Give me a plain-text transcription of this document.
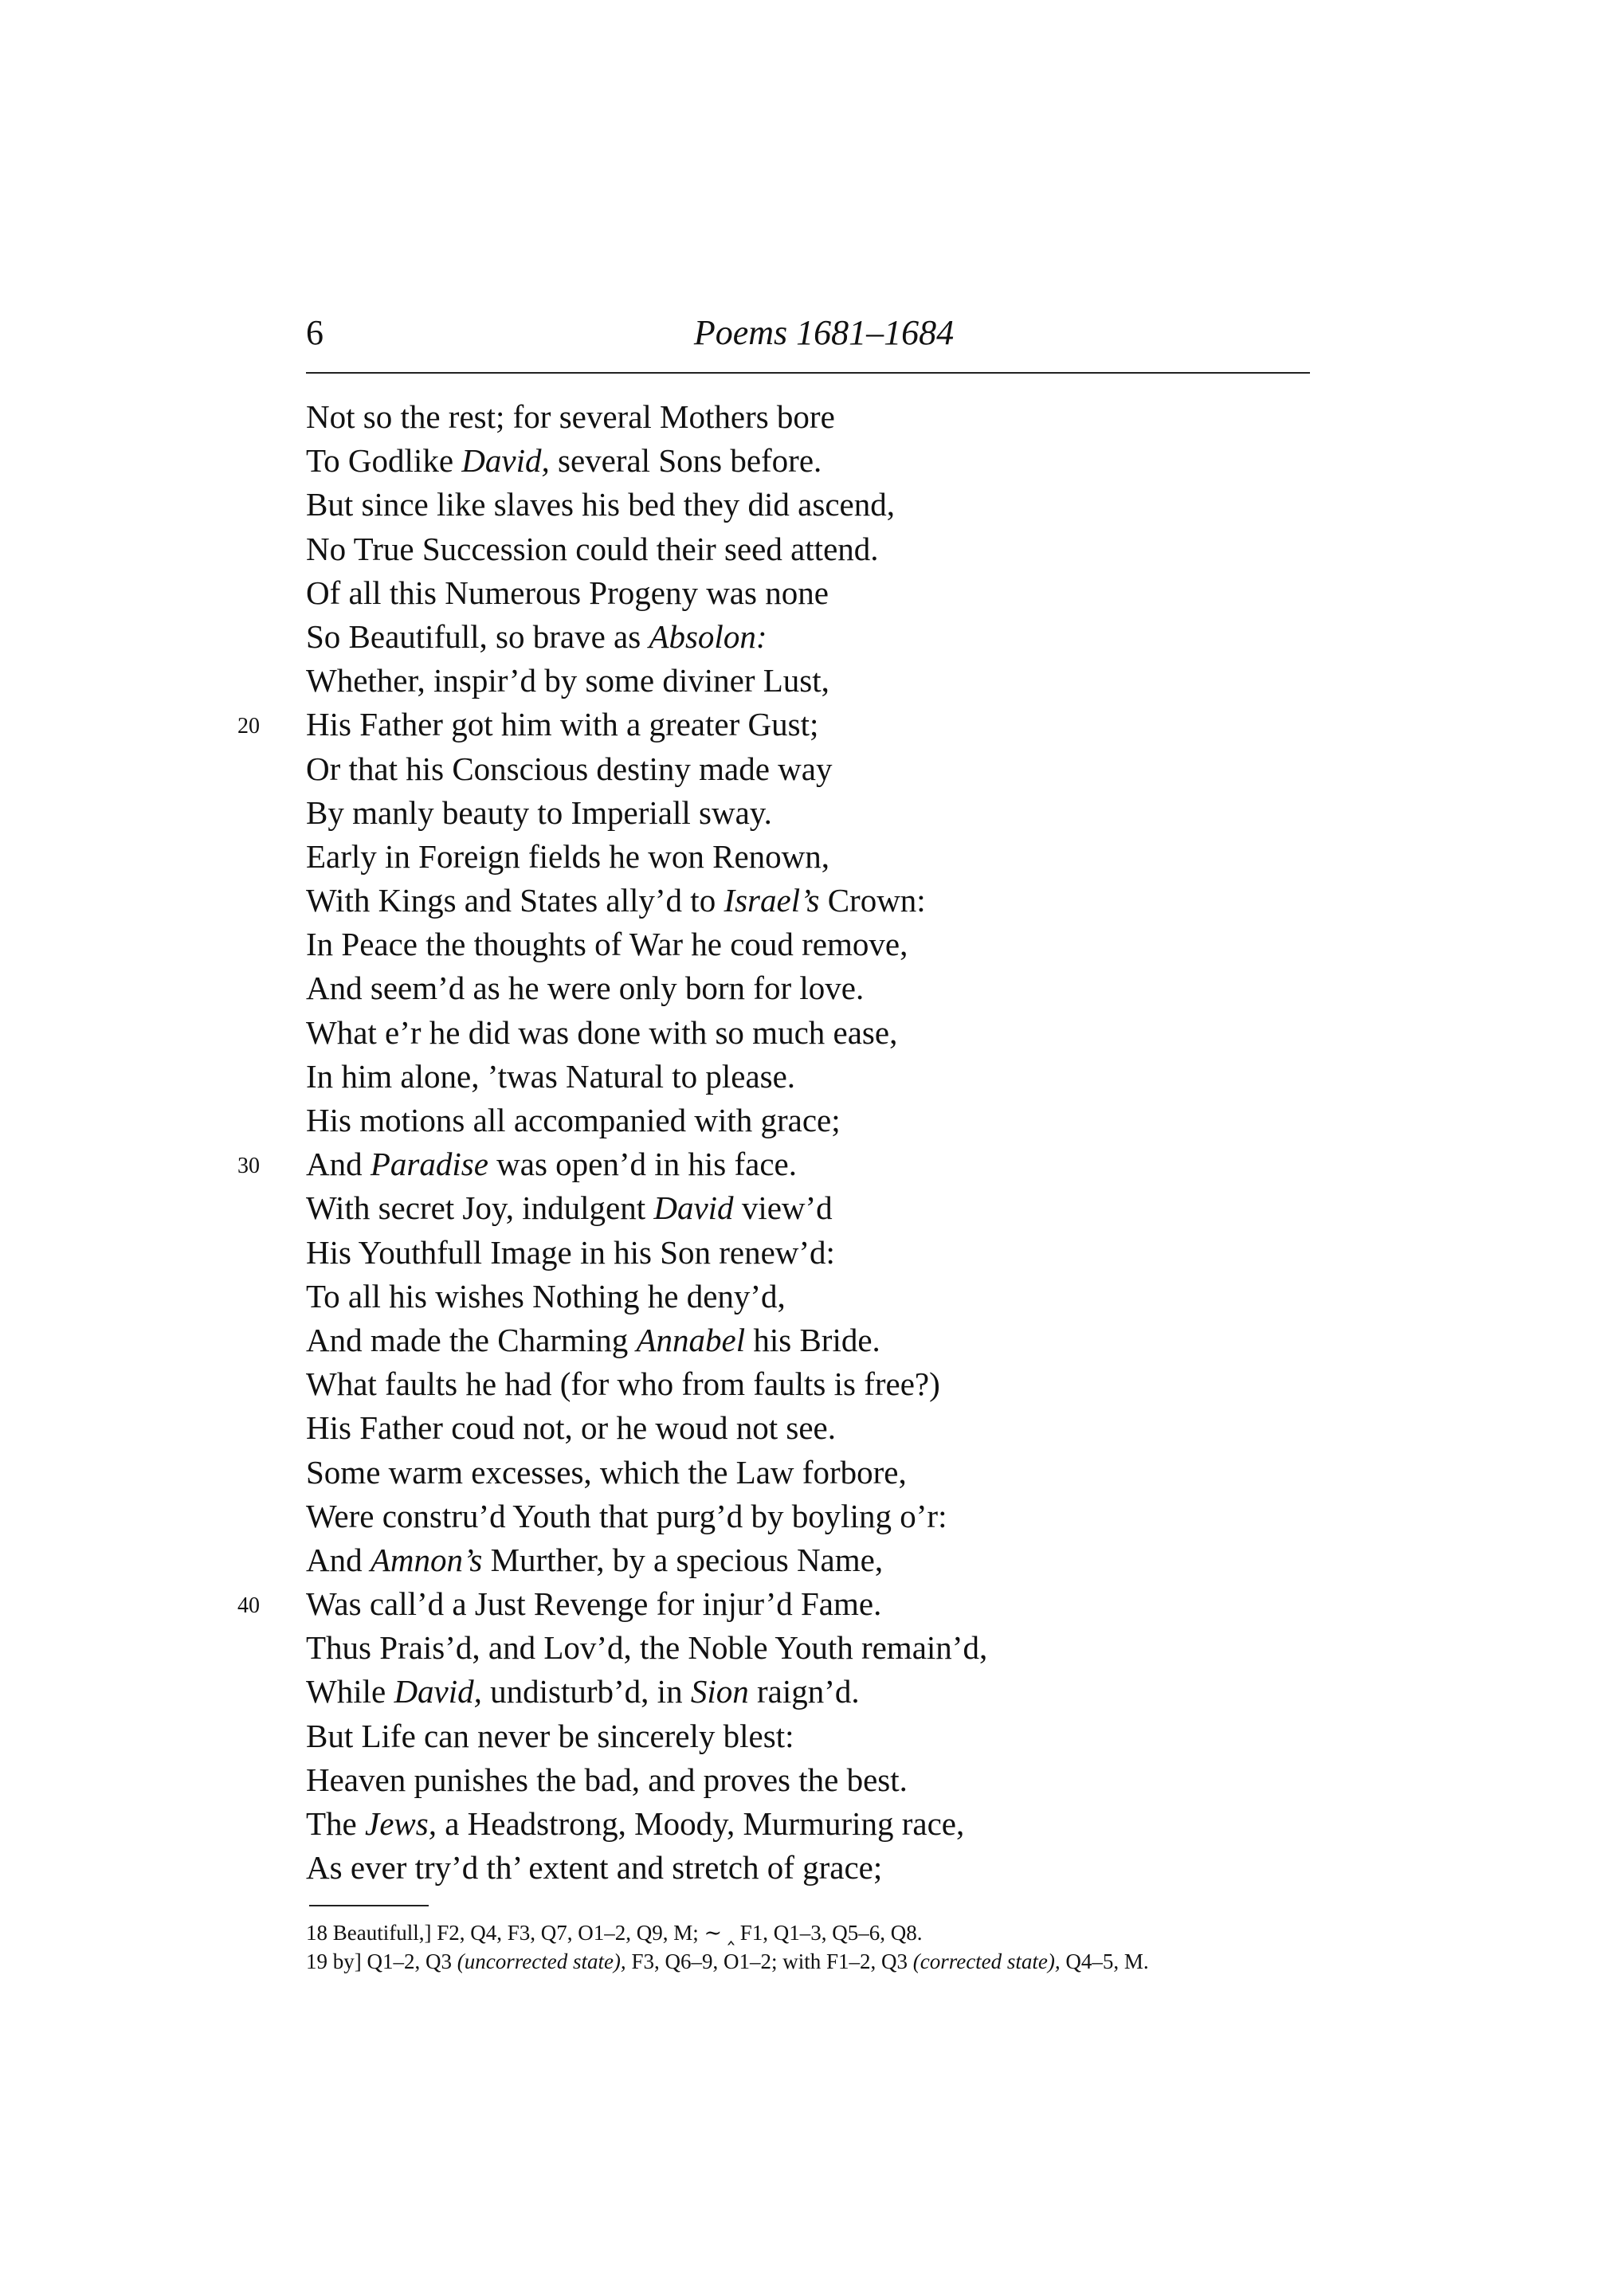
6	Poems 1681–1684
Not so the rest; for several Mothers bore
To Godlike David, several Sons before.
But since like slaves his bed they did ascend,
No True Succession could their seed attend.
Of all this Numerous Progeny was none
So Beautifull, so brave as Absolon:
Whether, inspir’d by some diviner Lust,
20	His Father got him with a greater Gust;
Or that his Conscious destiny made way
By manly beauty to Imperiall sway.
Early in Foreign fields he won Renown,
With Kings and States ally’d to Israel’s Crown:
In Peace the thoughts of War he coud remove,
And seem’d as he were only born for love.
What e’r he did was done with so much ease,
In him alone, ’twas Natural to please.
His motions all accompanied with grace;
30	And Paradise was open’d in his face.
With secret Joy, indulgent David view’d
His Youthfull Image in his Son renew’d:
To all his wishes Nothing he deny’d,
And made the Charming Annabel his Bride.
What faults he had (for who from faults is free?)
His Father coud not, or he woud not see.
Some warm excesses, which the Law forbore,
Were constru’d Youth that purg’d by boyling o’r:
And Amnon’s Murther, by a specious Name,
40	Was call’d a Just Revenge for injur’d Fame.
Thus Prais’d, and Lov’d, the Noble Youth remain’d,
While David, undisturb’d, in Sion raign’d.
But Life can never be sincerely blest:
Heaven punishes the bad, and proves the best.
The Jews, a Headstrong, Moody, Murmuring race,
As ever try’d th’ extent and stretch of grace;

18 Beautifull,] F2, Q4, F3, Q7, O1–2, Q9, M; ∼ ‸ F1, Q1–3, Q5–6, Q8.

19 by] Q1–2, Q3 (uncorrected state), F3, Q6–9, O1–2; with F1–2, Q3 (corrected state), Q4–5, M.
